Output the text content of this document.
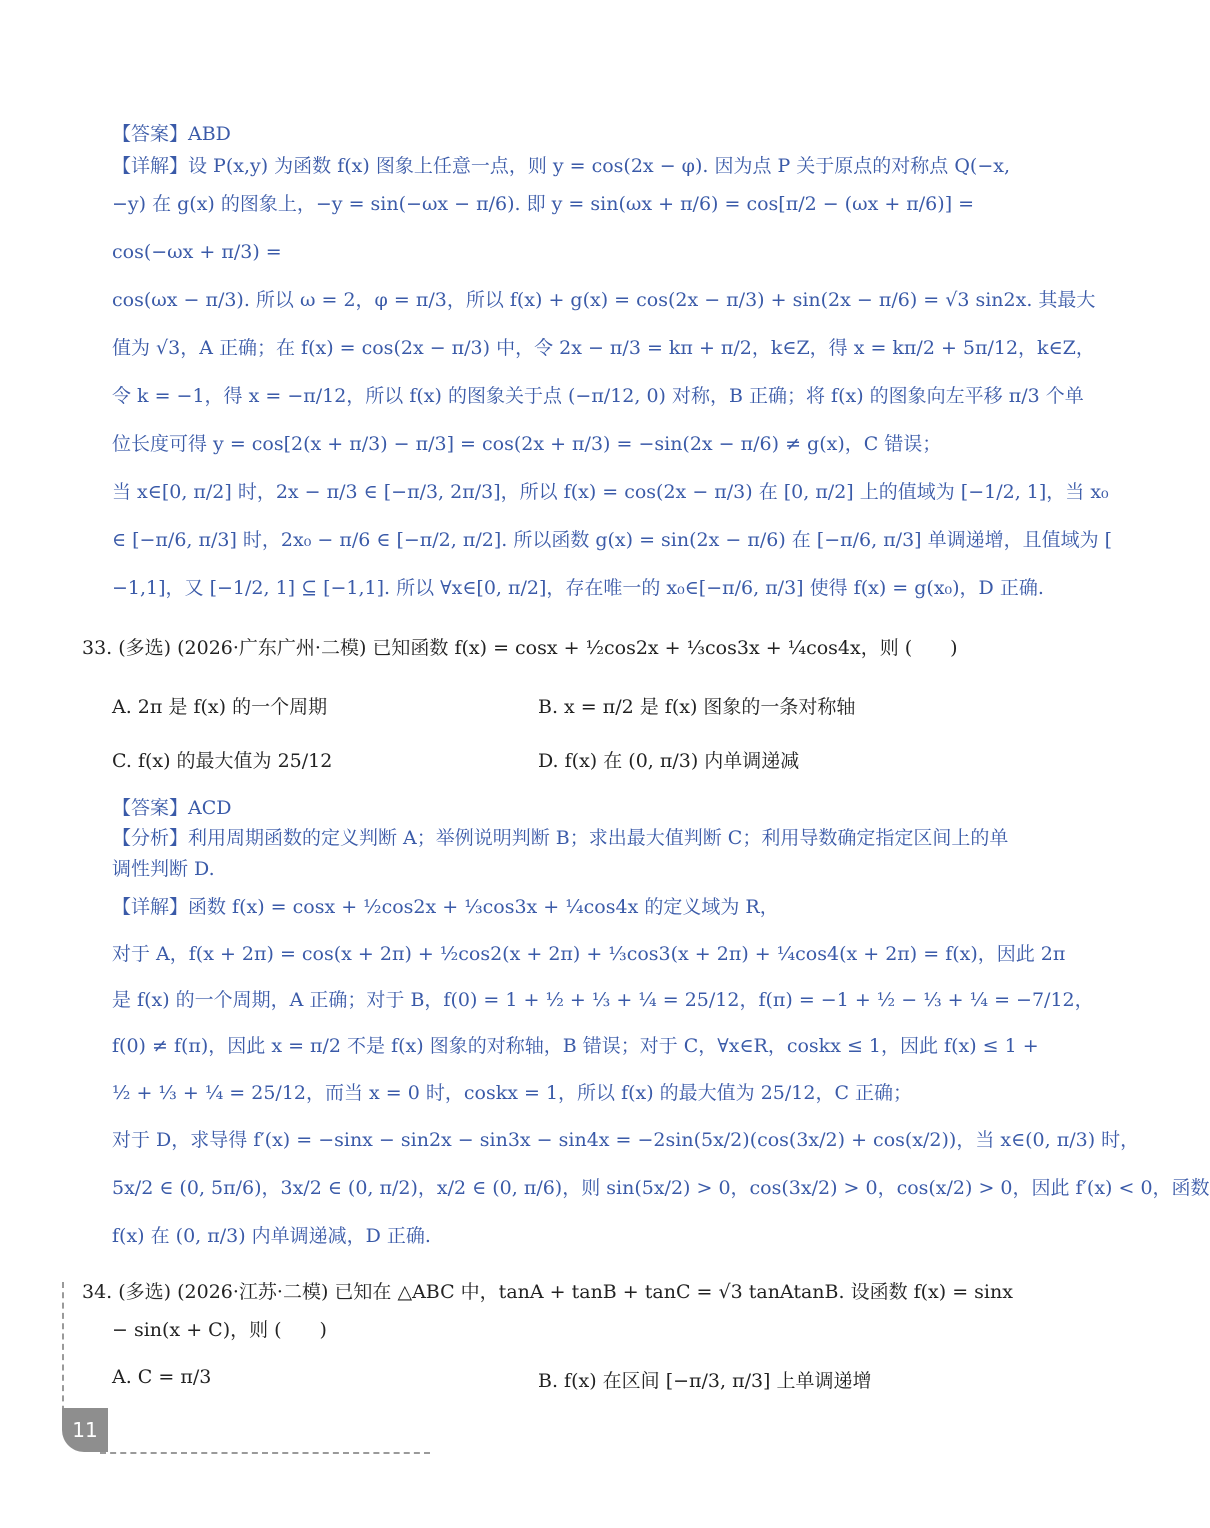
【答案】ABD
【详解】设 P(x,y) 为函数 f(x) 图象上任意一点，则 y = cos(2x − φ). 因为点 P 关于原点的对称点 Q(−x,
−y) 在 g(x) 的图象上，−y = sin(−ωx − π/6). 即 y = sin(ωx + π/6) = cos[π/2 − (ωx + π/6)] =
cos(−ωx + π/3) =
cos(ωx − π/3). 所以 ω = 2，φ = π/3，所以 f(x) + g(x) = cos(2x − π/3) + sin(2x − π/6) = √3 sin2x. 其最大
值为 √3，A 正确；在 f(x) = cos(2x − π/3) 中，令 2x − π/3 = kπ + π/2，k∈Z，得 x = kπ/2 + 5π/12，k∈Z，
令 k = −1，得 x = −π/12，所以 f(x) 的图象关于点 (−π/12, 0) 对称，B 正确；将 f(x) 的图象向左平移 π/3 个单
位长度可得 y = cos[2(x + π/3) − π/3] = cos(2x + π/3) = −sin(2x − π/6) ≠ g(x)，C 错误；
当 x∈[0, π/2] 时，2x − π/3 ∈ [−π/3, 2π/3]，所以 f(x) = cos(2x − π/3) 在 [0, π/2] 上的值域为 [−1/2, 1]，当 x₀
∈ [−π/6, π/3] 时，2x₀ − π/6 ∈ [−π/2, π/2]. 所以函数 g(x) = sin(2x − π/6) 在 [−π/6, π/3] 单调递增，且值域为 [
−1,1]，又 [−1/2, 1] ⊆ [−1,1]. 所以 ∀x∈[0, π/2]，存在唯一的 x₀∈[−π/6, π/3] 使得 f(x) = g(x₀)，D 正确.
33. (多选) (2026·广东广州·二模) 已知函数 f(x) = cosx + ½cos2x + ⅓cos3x + ¼cos4x，则 (　　)
A. 2π 是 f(x) 的一个周期	B. x = π/2 是 f(x) 图象的一条对称轴
C. f(x) 的最大值为 25/12	D. f(x) 在 (0, π/3) 内单调递减
【答案】ACD
【分析】利用周期函数的定义判断 A；举例说明判断 B；求出最大值判断 C；利用导数确定指定区间上的单
调性判断 D.
【详解】函数 f(x) = cosx + ½cos2x + ⅓cos3x + ¼cos4x 的定义域为 R，
对于 A，f(x + 2π) = cos(x + 2π) + ½cos2(x + 2π) + ⅓cos3(x + 2π) + ¼cos4(x + 2π) = f(x)，因此 2π
是 f(x) 的一个周期，A 正确；对于 B，f(0) = 1 + ½ + ⅓ + ¼ = 25/12，f(π) = −1 + ½ − ⅓ + ¼ = −7/12，
f(0) ≠ f(π)，因此 x = π/2 不是 f(x) 图象的对称轴，B 错误；对于 C，∀x∈R，coskx ≤ 1，因此 f(x) ≤ 1 +
½ + ⅓ + ¼ = 25/12，而当 x = 0 时，coskx = 1，所以 f(x) 的最大值为 25/12，C 正确；
对于 D，求导得 f′(x) = −sinx − sin2x − sin3x − sin4x = −2sin(5x/2)(cos(3x/2) + cos(x/2))，当 x∈(0, π/3) 时，
5x/2 ∈ (0, 5π/6)，3x/2 ∈ (0, π/2)，x/2 ∈ (0, π/6)，则 sin(5x/2) > 0，cos(3x/2) > 0，cos(x/2) > 0，因此 f′(x) < 0，函数
f(x) 在 (0, π/3) 内单调递减，D 正确.
34. (多选) (2026·江苏·二模) 已知在 △ABC 中，tanA + tanB + tanC = √3 tanAtanB. 设函数 f(x) = sinx
− sin(x + C)，则 (　　)
A. C = π/3	B. f(x) 在区间 [−π/3, π/3] 上单调递增
11
